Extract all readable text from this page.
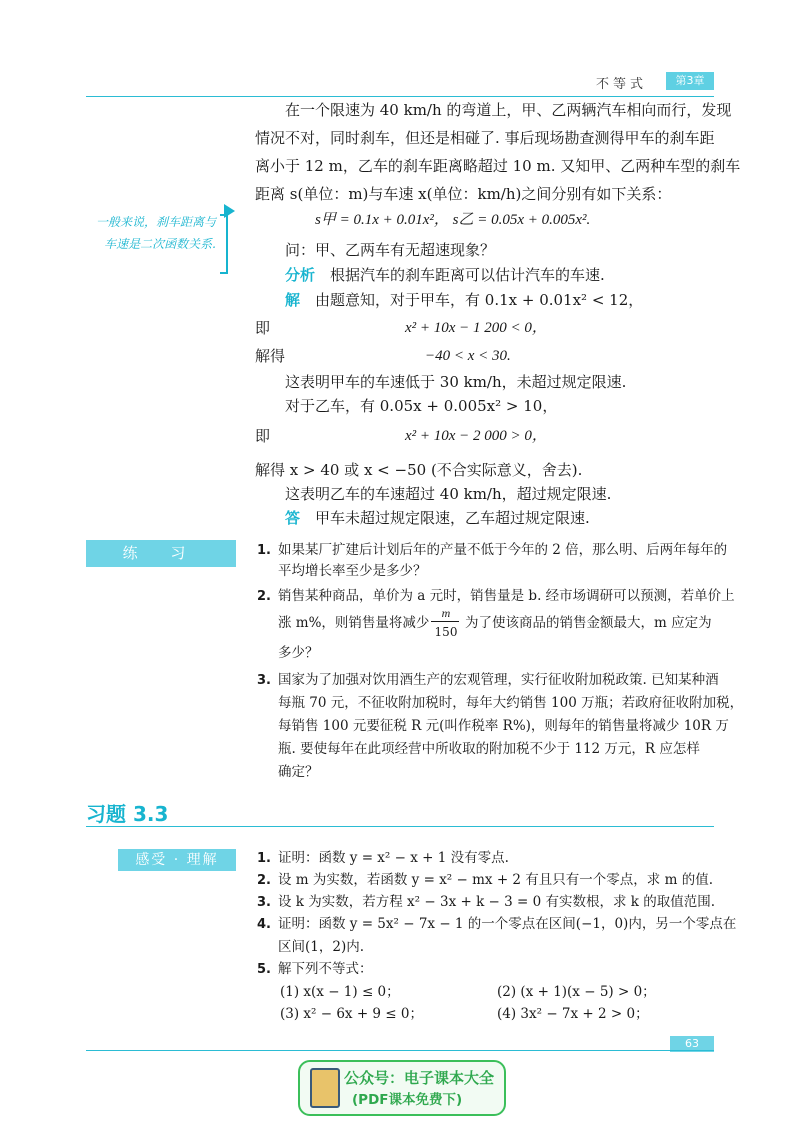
不等式	第3章
在一个限速为 40 km/h 的弯道上，甲、乙两辆汽车相向而行，发现
情况不对，同时刹车，但还是相碰了. 事后现场勘查测得甲车的刹车距
离小于 12 m，乙车的刹车距离略超过 10 m. 又知甲、乙两种车型的刹车
距离 s(单位：m)与车速 x(单位：km/h)之间分别有如下关系：
s甲 = 0.1x + 0.01x²， s乙 = 0.05x + 0.005x².
问：甲、乙两车有无超速现象？
分析 根据汽车的刹车距离可以估计汽车的车速.
解 由题意知，对于甲车，有 0.1x + 0.01x² < 12，
即	x² + 10x − 1 200 < 0，
解得	−40 < x < 30.
这表明甲车的车速低于 30 km/h，未超过规定限速.
对于乙车，有 0.05x + 0.005x² > 10，
即	x² + 10x − 2 000 > 0，
解得 x > 40 或 x < −50 (不合实际意义，舍去).
这表明乙车的车速超过 40 km/h，超过规定限速.
答 甲车未超过规定限速，乙车超过规定限速.
一般来说，刹车距离与车速是二次函数关系.
练 习	1. 如果某厂扩建后计划后年的产量不低于今年的 2 倍，那么明、后两年每年的
平均增长率至少是多少？
2. 销售某种商品，单价为 a 元时，销售量是 b. 经市场调研可以预测，若单价上
涨 m%，则销售量将减少
m
150
为了使该商品的销售金额最大，m 应定为
多少？
3. 国家为了加强对饮用酒生产的宏观管理，实行征收附加税政策. 已知某种酒
每瓶 70 元，不征收附加税时，每年大约销售 100 万瓶；若政府征收附加税，
每销售 100 元要征税 R 元(叫作税率 R%)，则每年的销售量将减少 10R 万
瓶. 要使每年在此项经营中所收取的附加税不少于 112 万元，R 应怎样
确定？
习题 3.3
感受 · 理解	1. 证明：函数 y = x² − x + 1 没有零点.
2. 设 m 为实数，若函数 y = x² − mx + 2 有且只有一个零点，求 m 的值.
3. 设 k 为实数，若方程 x² − 3x + k − 3 = 0 有实数根，求 k 的取值范围.
4. 证明：函数 y = 5x² − 7x − 1 的一个零点在区间(−1，0)内，另一个零点在
区间(1，2)内.
5. 解下列不等式：
(1) x(x − 1) ≤ 0；	(2) (x + 1)(x − 5) > 0；
(3) x² − 6x + 9 ≤ 0；	(4) 3x² − 7x + 2 > 0；
63
公众号：电子课本大全
(PDF课本免费下)
